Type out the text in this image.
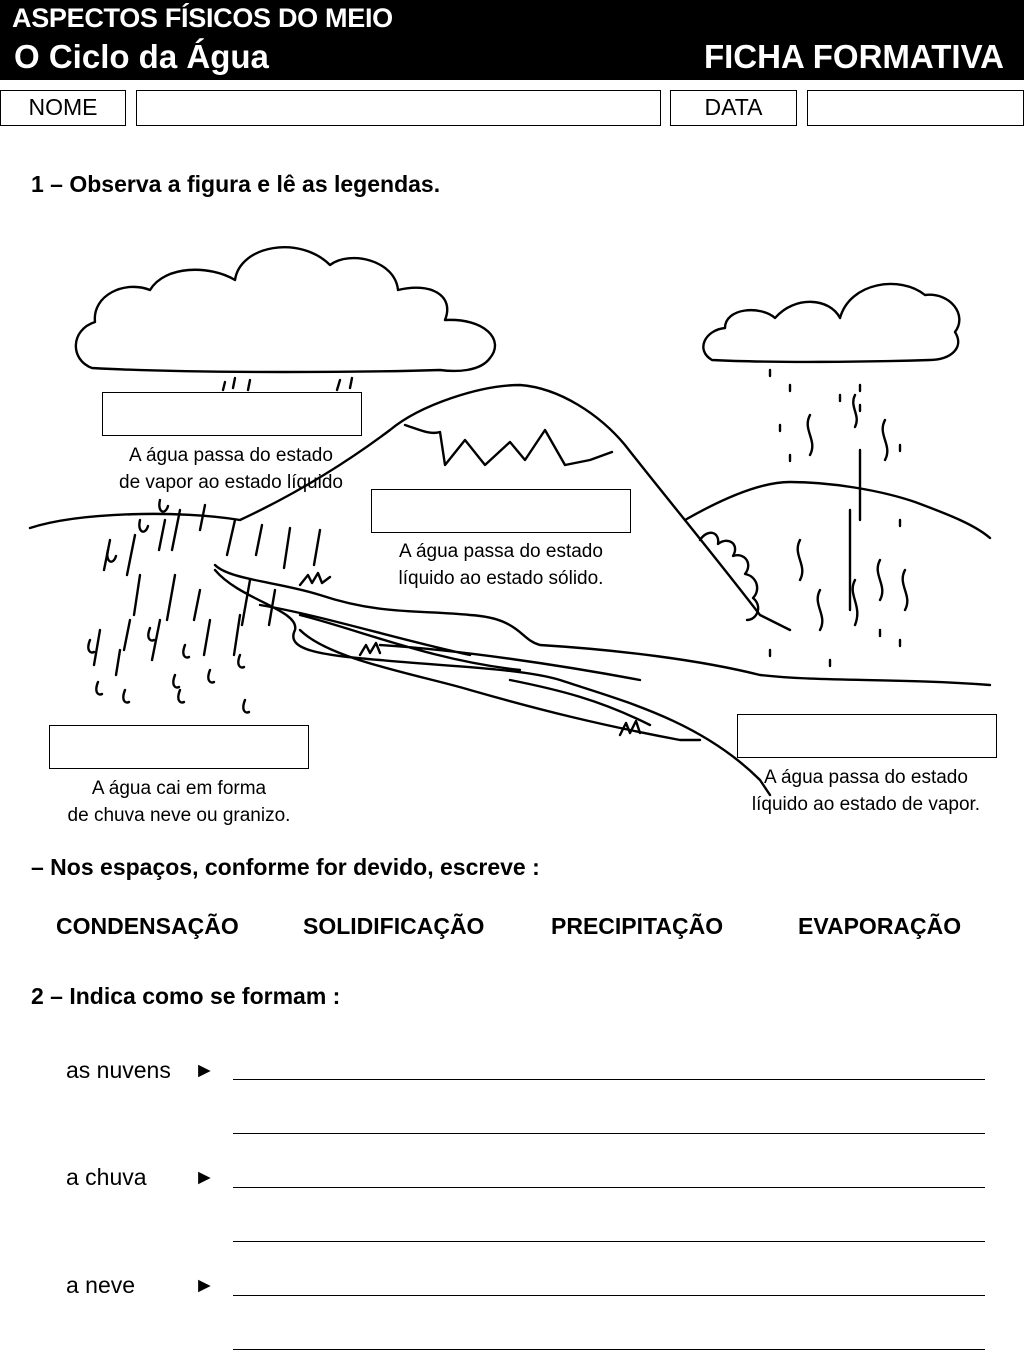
ASPECTOS FÍSICOS DO MEIO
O Ciclo da Água	FICHA FORMATIVA
NOME	DATA
1 – Observa a figura e lê as legendas.
A água passa do estado
de vapor ao estado líquido
A água passa do estado
líquido ao estado sólido.
A água cai em forma
de chuva neve ou granizo.
A água passa do estado
líquido ao estado de vapor.
– Nos espaços, conforme for devido, escreve :
CONDENSAÇÃO	SOLIDIFICAÇÃO	PRECIPITAÇÃO	EVAPORAÇÃO
2 – Indica como se formam :
as nuvens ►
a chuva ►
a neve	►
